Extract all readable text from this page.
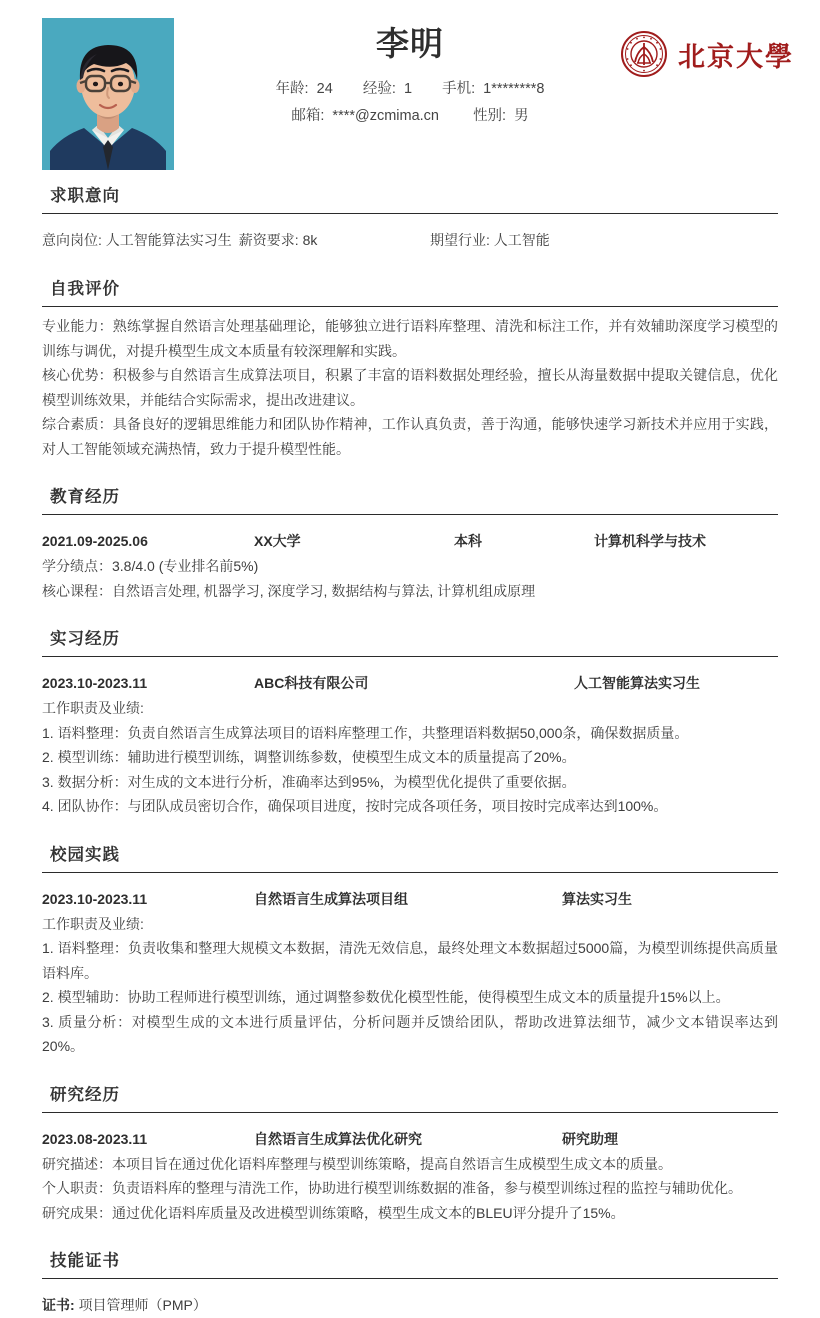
李明
年龄: 24 经验: 1 手机: 1********8
邮箱: ****@zcmima.cn 性别: 男
北京大學
求职意向
意向岗位: 人工智能算法实习生 薪资要求: 8k	期望行业: 人工智能
自我评价

专业能力：熟练掌握自然语言处理基础理论，能够独立进行语料库整理、清洗和标注工作，并有效辅助深度学习模型的训练与调优，对提升模型生成文本质量有较深理解和实践。

核心优势：积极参与自然语言生成算法项目，积累了丰富的语料数据处理经验，擅长从海量数据中提取关键信息，优化模型训练效果，并能结合实际需求，提出改进建议。

综合素质：具备良好的逻辑思维能力和团队协作精神，工作认真负责，善于沟通，能够快速学习新技术并应用于实践，对人工智能领域充满热情，致力于提升模型性能。

教育经历
2021.09-2025.06	XX大学	本科	计算机科学与技术

学分绩点：3.8/4.0 (专业排名前5%)

核心课程：自然语言处理, 机器学习, 深度学习, 数据结构与算法, 计算机组成原理

实习经历
2023.10-2023.11	ABC科技有限公司	人工智能算法实习生

工作职责及业绩:

1. 语料整理：负责自然语言生成算法项目的语料库整理工作，共整理语料数据50,000条，确保数据质量。
2. 模型训练：辅助进行模型训练，调整训练参数，使模型生成文本的质量提高了20%。
3. 数据分析：对生成的文本进行分析，准确率达到95%，为模型优化提供了重要依据。
4. 团队协作：与团队成员密切合作，确保项目进度，按时完成各项任务，项目按时完成率达到100%。
校园实践
2023.10-2023.11	自然语言生成算法项目组	算法实习生

工作职责及业绩:

1. 语料整理：负责收集和整理大规模文本数据，清洗无效信息，最终处理文本数据超过5000篇，为模型训练提供高质量语料库。
2. 模型辅助：协助工程师进行模型训练，通过调整参数优化模型性能，使得模型生成文本的质量提升15%以上。
3. 质量分析：对模型生成的文本进行质量评估，分析问题并反馈给团队，帮助改进算法细节，减少文本错误率达到20%。
研究经历
2023.08-2023.11	自然语言生成算法优化研究	研究助理

研究描述：本项目旨在通过优化语料库整理与模型训练策略，提高自然语言生成模型生成文本的质量。

个人职责：负责语料库的整理与清洗工作，协助进行模型训练数据的准备，参与模型训练过程的监控与辅助优化。

研究成果：通过优化语料库质量及改进模型训练策略，模型生成文本的BLEU评分提升了15%。

技能证书

证书: 项目管理师（PMP）
